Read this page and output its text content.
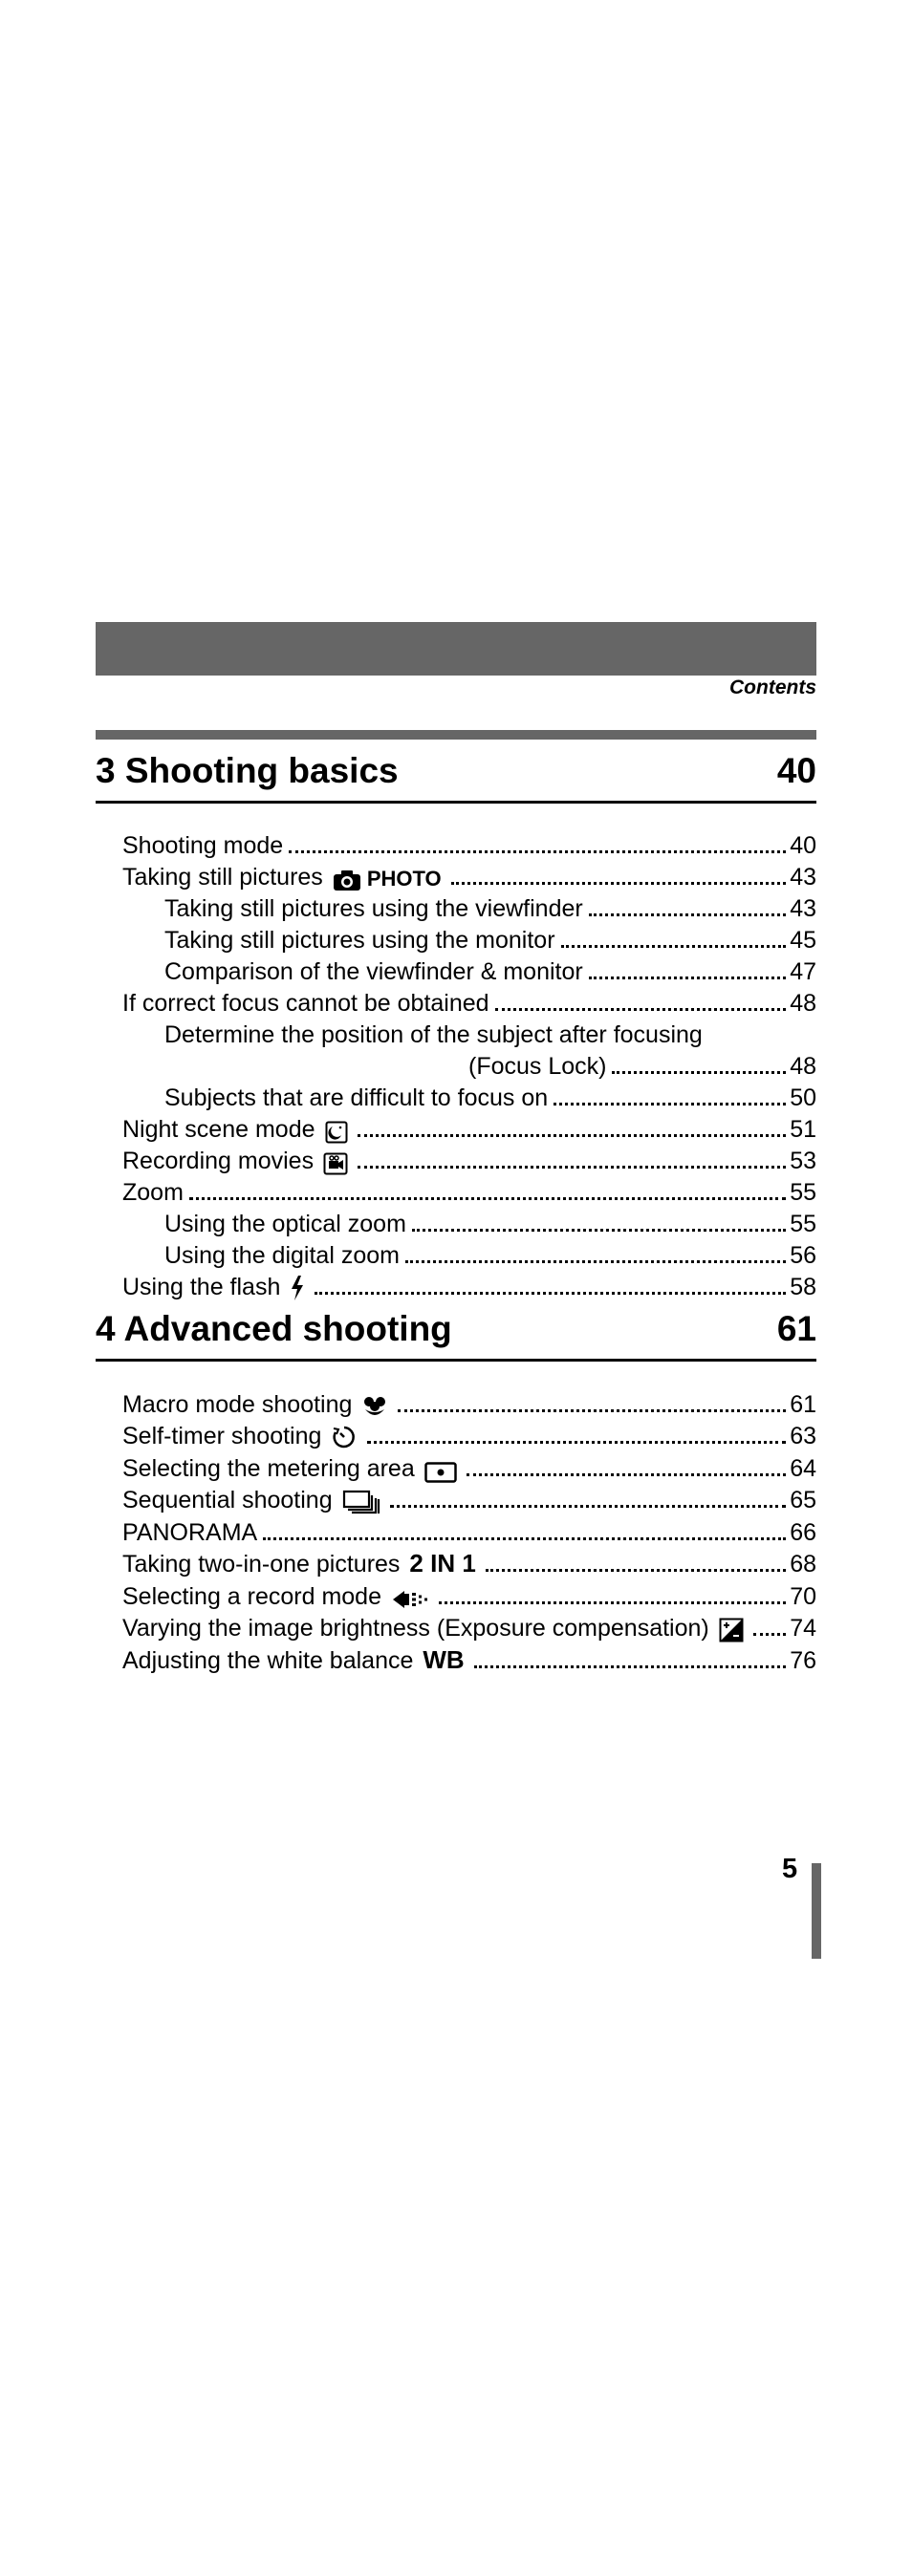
Contents
3 Shooting basics	40
Shooting mode	40
Taking still pictures PHOTO	43
Taking still pictures using the viewfinder	43
Taking still pictures using the monitor	45
Comparison of the viewfinder & monitor	47
If correct focus cannot be obtained	48
Determine the position of the subject after focusing
(Focus Lock)	48
Subjects that are difficult to focus on	50
Night scene mode	51
Recording movies	53
Zoom	55
Using the optical zoom	55
Using the digital zoom	56
Using the flash	58
4 Advanced shooting	61
Macro mode shooting	61
Self-timer shooting	63
Selecting the metering area	64
Sequential shooting	65
PANORAMA	66
Taking two-in-one pictures 2 IN 1	68
Selecting a record mode	70
Varying the image brightness (Exposure compensation)	74
Adjusting the white balance WB	76
5
